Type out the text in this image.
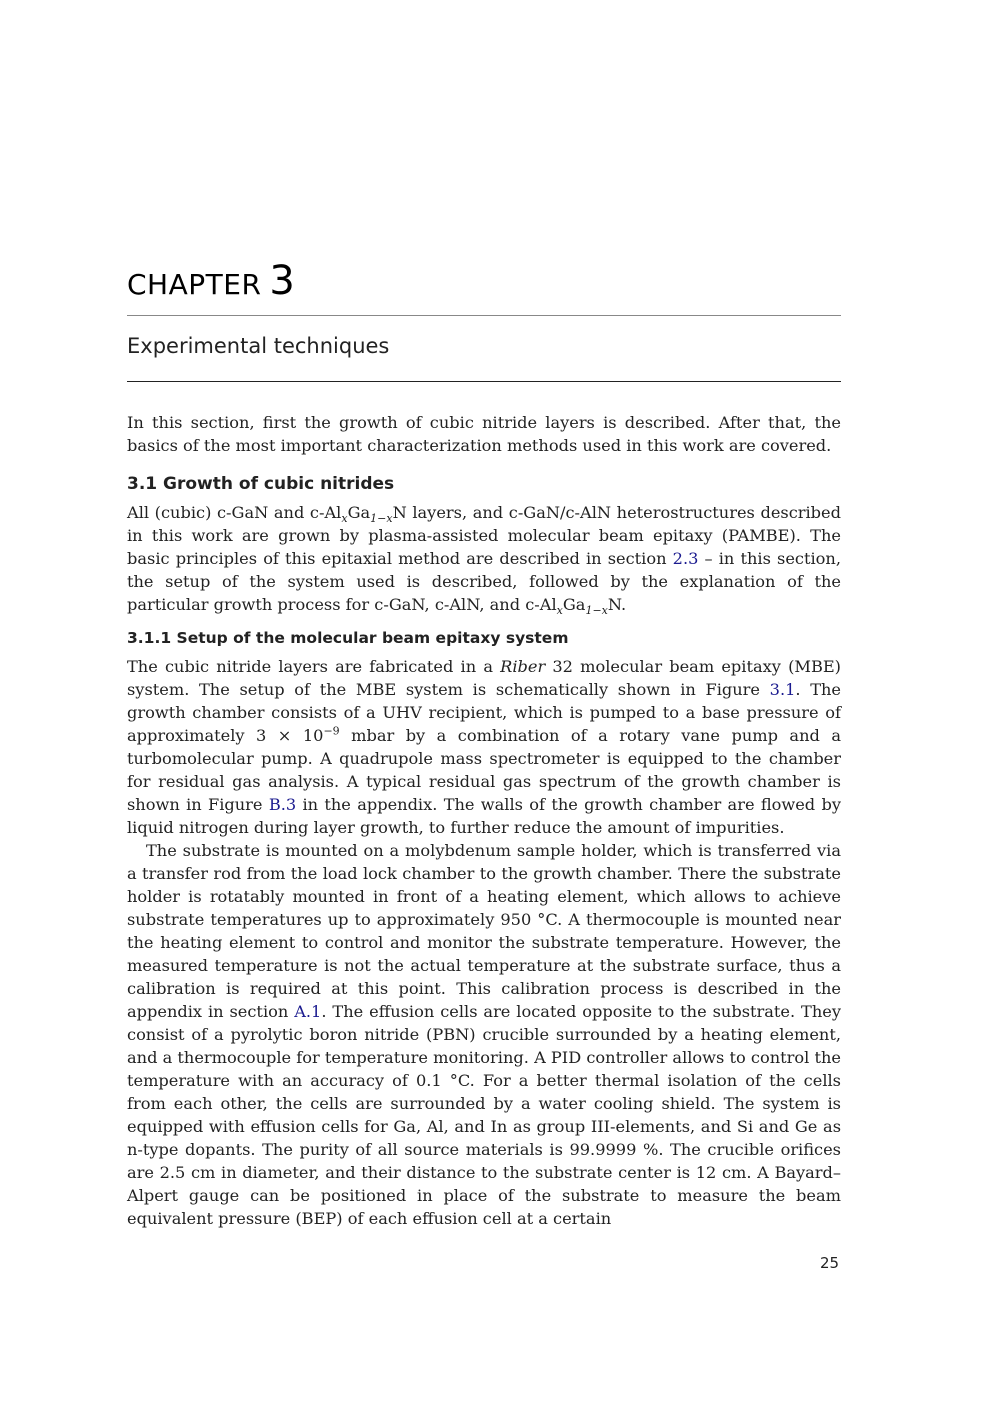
CHAPTER 3
Experimental techniques

In this section, first the growth of cubic nitride layers is described. After that, the basics of the most important characterization methods used in this work are covered.

3.1 Growth of cubic nitrides

All (cubic) c-GaN and $c-Al_xGa_{1-x}N$ layers, and c-GaN/c-AlN heterostructures described in this work are grown by plasma-assisted molecular beam epitaxy (PAMBE). The basic principles of this epitaxial method are described in section 2.3 – in this section, the setup of the system used is described, followed by the explanation of the particular growth process for c-GaN, c-AlN, and $c-Al_xGa_{1-x}N$.

3.1.1 Setup of the molecular beam epitaxy system

The cubic nitride layers are fabricated in a Riber 32 molecular beam epitaxy (MBE) system. The setup of the MBE system is schematically shown in Figure 3.1. The growth chamber consists of a UHV recipient, which is pumped to a base pressure of approximately $3 \times 10^{-9}$ mbar by a combination of a rotary vane pump and a turbomolecular pump. A quadrupole mass spectrometer is equipped to the chamber for residual gas analysis. A typical residual gas spectrum of the growth chamber is shown in Figure B.3 in the appendix. The walls of the growth chamber are flowed by liquid nitrogen during layer growth, to further reduce the amount of impurities.

The substrate is mounted on a molybdenum sample holder, which is transferred via a transfer rod from the load lock chamber to the growth chamber. There the substrate holder is rotatably mounted in front of a heating element, which allows to achieve substrate temperatures up to approximately 950 °C. A thermocouple is mounted near the heating element to control and monitor the substrate temperature. However, the measured temperature is not the actual temperature at the substrate surface, thus a calibration is required at this point. This calibration process is described in the appendix in section A.1. The effusion cells are located opposite to the substrate. They consist of a pyrolytic boron nitride (PBN) crucible surrounded by a heating element, and a thermocouple for temperature monitoring. A PID controller allows to control the temperature with an accuracy of 0.1 °C. For a better thermal isolation of the cells from each other, the cells are surrounded by a water cooling shield. The system is equipped with effusion cells for Ga, Al, and In as group III-elements, and Si and Ge as n-type dopants. The purity of all source materials is 99.9999 %. The crucible orifices are 2.5 cm in diameter, and their distance to the substrate center is 12 cm. A Bayard–Alpert gauge can be positioned in place of the substrate to measure the beam equivalent pressure (BEP) of each effusion cell at a certain

25
